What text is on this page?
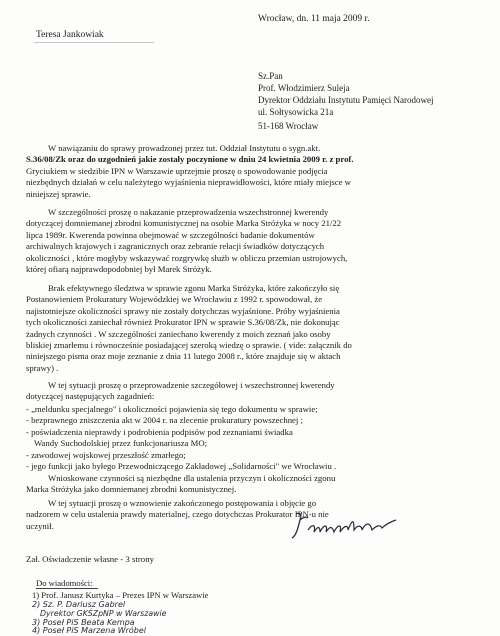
Teresa Jankowiak
Wrocław, dn. 11 maja 2009 r.
Sz.Pan
Prof. Włodzimierz Suleja
Dyrektor Oddziału Instytutu Pamięci Narodowej
ul. Sołtysowicka 21a
51-168 Wrocław
W nawiązaniu do sprawy prowadzonej przez tut. Oddział Instytutu o sygn.akt.
S.36/08/Zk oraz do uzgodnień jakie zostały poczynione w dniu 24 kwietnia 2009 r. z prof.
Gryciukiem w siedzibie IPN w Warszawie uprzejmie proszę o spowodowanie podjęcia
niezbędnych działań w celu należytego wyjaśnienia nieprawidłowości, które miały miejsce w
niniejszej sprawie.
W szczególności proszę o nakazanie przeprowadzenia wszechstronnej kwerendy
dotyczącej domniemanej zbrodni komunistycznej na osobie Marka Stróżyka w nocy 21/22
lipca 1989r. Kwerenda powinna obejmować w szczególności badanie dokumentów
archiwalnych krajowych i zagranicznych oraz zebranie relacji świadków dotyczących
okoliczności , które mogłyby wskazywać rozgrywkę służb w obliczu przemian ustrojowych,
której ofiarą najprawdopodobniej był Marek Stróżyk.
Brak efektywnego śledztwa w sprawie zgonu Marka Stróżyka, które zakończyło się
Postanowieniem Prokuratury Wojewódzkiej we Wrocławiu z 1992 r. spowodował, że
najistotniejsze okoliczności sprawy nie zostały dotychczas wyjaśnione. Próby wyjaśnienia
tych okoliczności zaniechał również Prokurator IPN w sprawie S.36/08/Zk, nie dokonując
żadnych czynności . W szczególności zaniechano kwerendy z moich zeznań jako osoby
bliskiej zmarłemu i równocześnie posiadającej szeroką wiedzę o sprawie. ( vide: załącznik do
niniejszego pisma oraz moje zeznanie z dnia 11 lutego 2008 r., które znajduje się w aktach
sprawy) .
W tej sytuacji proszę o przeprowadzenie szczegółowej i wszechstronnej kwerendy
dotyczącej następujących zagadnień:
- „meldunku specjalnego" i okoliczności pojawienia się tego dokumentu w sprawie;
- bezprawnego zniszczenia akt w 2004 r. na zlecenie prokuratury powszechnej ;
- poświadczenia nieprawdy i podrobienia podpisów pod zeznaniami świadka
Wandy Suchodolskiej przez funkcjonariusza MO;
- zawodowej wojskowej przeszłość zmarłego;
- jego funkcji jako byłego Przewodniczącego Zakładowej „Solidarności" we Wrocławiu .
Wnioskowane czynności są niezbędne dla ustalenia przyczyn i okoliczności zgonu
Marka Stróżyka jako domniemanej zbrodni komunistycznej.
W tej sytuacji proszę o wznowienie zakończonego postępowania i objęcie go
nadzorem w celu ustalenia prawdy materialnej, czego dotychczas Prokurator IPN-u nie
uczynił.
Zał. Oświadczenie własne - 3 strony
Do wiadomości:
1) Prof. Janusz Kurtyka – Prezes IPN w Warszawie
2) Sz. P. Dariusz Gabrel
Dyrektor GKŚZpNP w Warszawie
3) Poseł PiS Beata Kempa
4) Poseł PiS Marzena Wróbel
